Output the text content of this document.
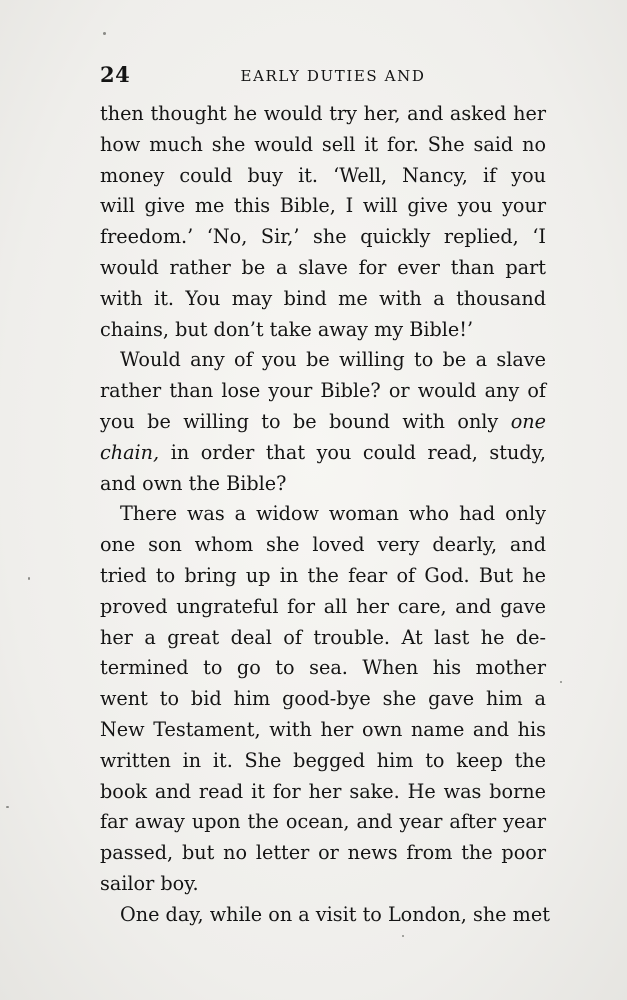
24	EARLY DUTIES AND
then thought he would try her, and asked her
how much she would sell it for. She said no
money could buy it. ‘Well, Nancy, if you
will give me this Bible, I will give you your
freedom.’ ‘No, Sir,’ she quickly replied, ‘I
would rather be a slave for ever than part
with it. You may bind me with a thousand
chains, but don’t take away my Bible!’
Would any of you be willing to be a slave
rather than lose your Bible? or would any of
you be willing to be bound with only one
chain, in order that you could read, study,
and own the Bible?
There was a widow woman who had only
one son whom she loved very dearly, and
tried to bring up in the fear of God. But he
proved ungrateful for all her care, and gave
her a great deal of trouble. At last he de-
termined to go to sea. When his mother
went to bid him good-bye she gave him a
New Testament, with her own name and his
written in it. She begged him to keep the
book and read it for her sake. He was borne
far away upon the ocean, and year after year
passed, but no letter or news from the poor
sailor boy.
One day, while on a visit to London, she met
